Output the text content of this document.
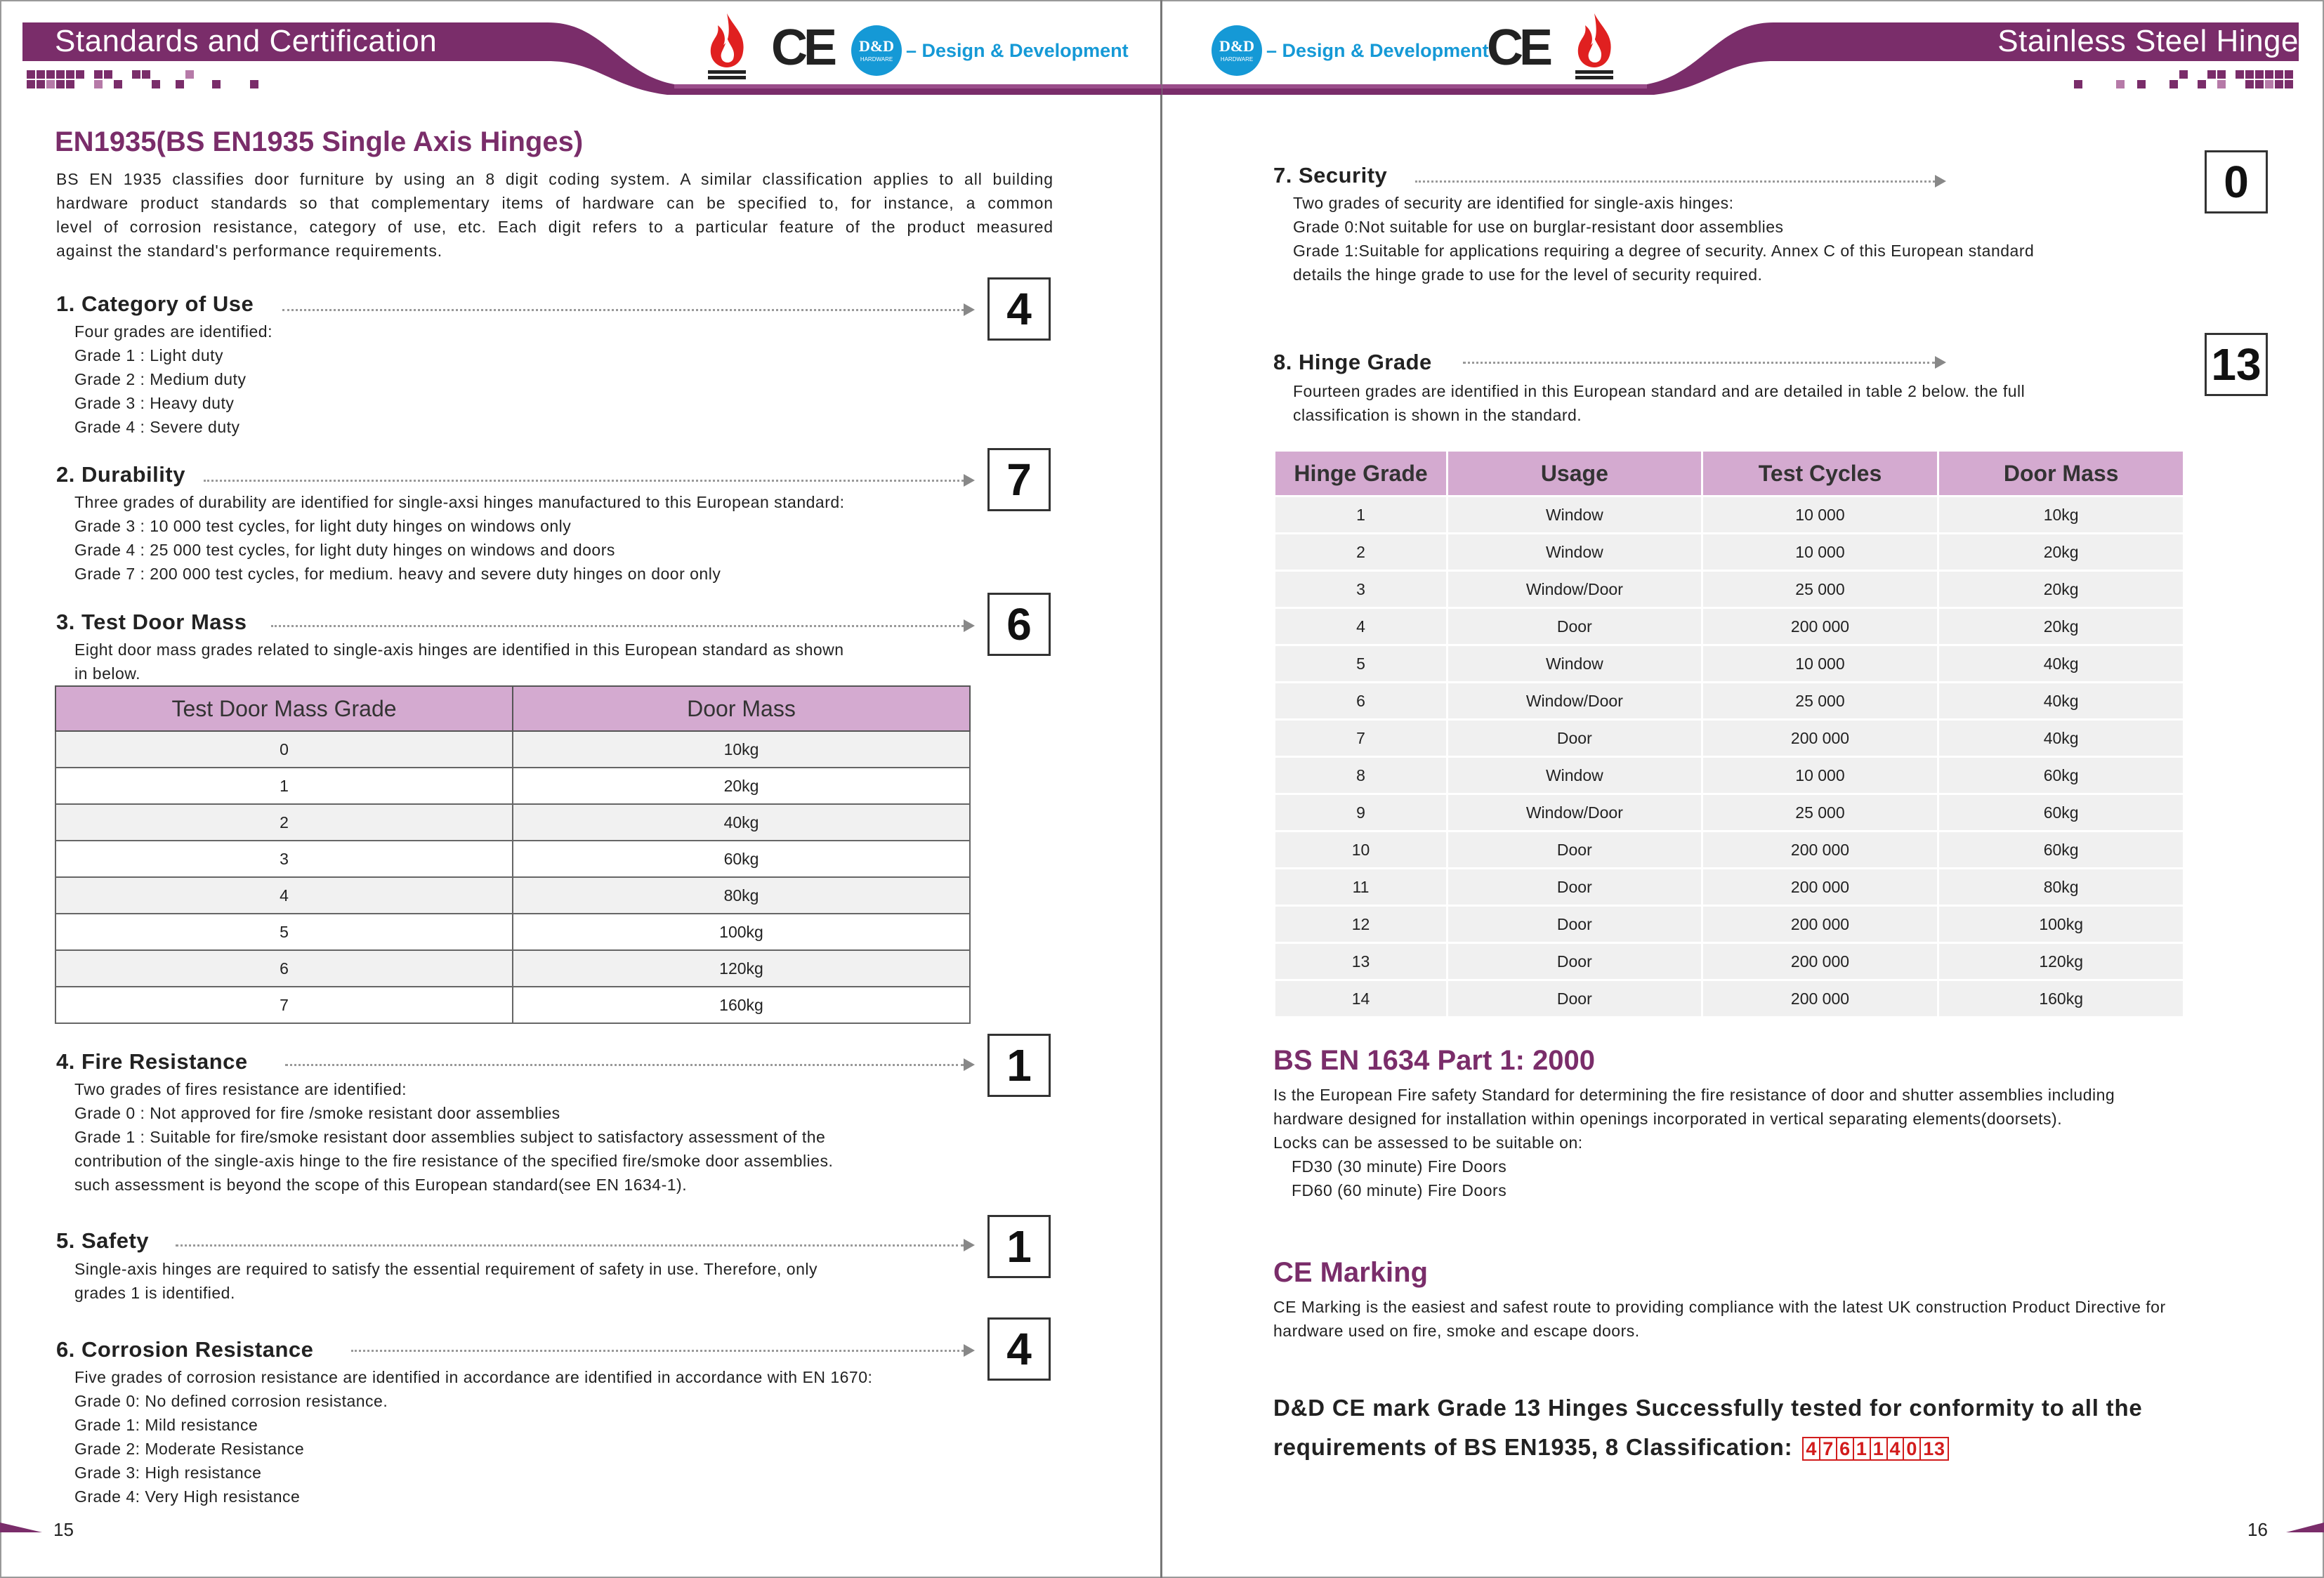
Standards and Certification	CE	D&D
HARDWARE – Design & Development
EN1935(BS EN1935 Single Axis Hinges)
BS EN 1935 classifies door furniture by using an 8 digit coding system. A similar classification applies to all building
hardware product standards so that complementary items of hardware can be specified to, for instance, a common
level of corrosion resistance, category of use, etc. Each digit refers to a particular feature of the product measured
against the standard's performance requirements.
1. Category of Use	4
Four grades are identified:
Grade 1 : Light duty
Grade 2 : Medium duty
Grade 3 : Heavy duty
Grade 4 : Severe duty
2. Durability	7
Three grades of durability are identified for single-axsi hinges manufactured to this European standard:
Grade 3 : 10 000 test cycles, for light duty hinges on windows only
Grade 4 : 25 000 test cycles, for light duty hinges on windows and doors
Grade 7 : 200 000 test cycles, for medium. heavy and severe duty hinges on door only
3. Test Door Mass	6
Eight door mass grades related to single-axis hinges are identified in this European standard as shown
in below.
Test Door Mass Grade	Door Mass
0	10kg
1	20kg
2	40kg
3	60kg
4	80kg
5	100kg
6	120kg
7	160kg
4. Fire Resistance	1
Two grades of fires resistance are identified:
Grade 0 : Not approved for fire /smoke resistant door assemblies
Grade 1 : Suitable for fire/smoke resistant door assemblies subject to satisfactory assessment of the
contribution of the single-axis hinge to the fire resistance of the specified fire/smoke door assemblies.
such assessment is beyond the scope of this European standard(see EN 1634-1).
5. Safety	1
Single-axis hinges are required to satisfy the essential requirement of safety in use. Therefore, only
grades 1 is identified.
6. Corrosion Resistance	4
Five grades of corrosion resistance are identified in accordance are identified in accordance with EN 1670:
Grade 0: No defined corrosion resistance.
Grade 1: Mild resistance
Grade 2: Moderate Resistance
Grade 3: High resistance
Grade 4: Very High resistance
15
Stainless Steel Hinge
D&D
HARDWARE – Design & Development
CE
7. Security	0
Two grades of security are identified for single-axis hinges:
Grade 0:Not suitable for use on burglar-resistant door assemblies
Grade 1:Suitable for applications requiring a degree of security. Annex C of this European standard
details the hinge grade to use for the level of security required.
8. Hinge Grade	13
Fourteen grades are identified in this European standard and are detailed in table 2 below. the full
classification is shown in the standard.
Hinge Grade	Usage	Test Cycles	Door Mass
1	Window	10 000	10kg
2	Window	10 000	20kg
3	Window/Door	25 000	20kg
4	Door	200 000	20kg
5	Window	10 000	40kg
6	Window/Door	25 000	40kg
7	Door	200 000	40kg
8	Window	10 000	60kg
9	Window/Door	25 000	60kg
10	Door	200 000	60kg
11	Door	200 000	80kg
12	Door	200 000	100kg
13	Door	200 000	120kg
14	Door	200 000	160kg
BS EN 1634 Part 1: 2000
Is the European Fire safety Standard for determining the fire resistance of door and shutter assemblies including
hardware designed for installation within openings incorporated in vertical separating elements(doorsets).
Locks can be assessed to be suitable on:
FD30 (30 minute) Fire Doors
FD60 (60 minute) Fire Doors
CE Marking
CE Marking is the easiest and safest route to providing compliance with the latest UK construction Product Directive for
hardware used on fire, smoke and escape doors.
D&D CE mark Grade 13 Hinges Successfully tested for conformity to all the
requirements of BS EN1935, 8 Classification: 4 7 6 1 1 4 0 13
16
